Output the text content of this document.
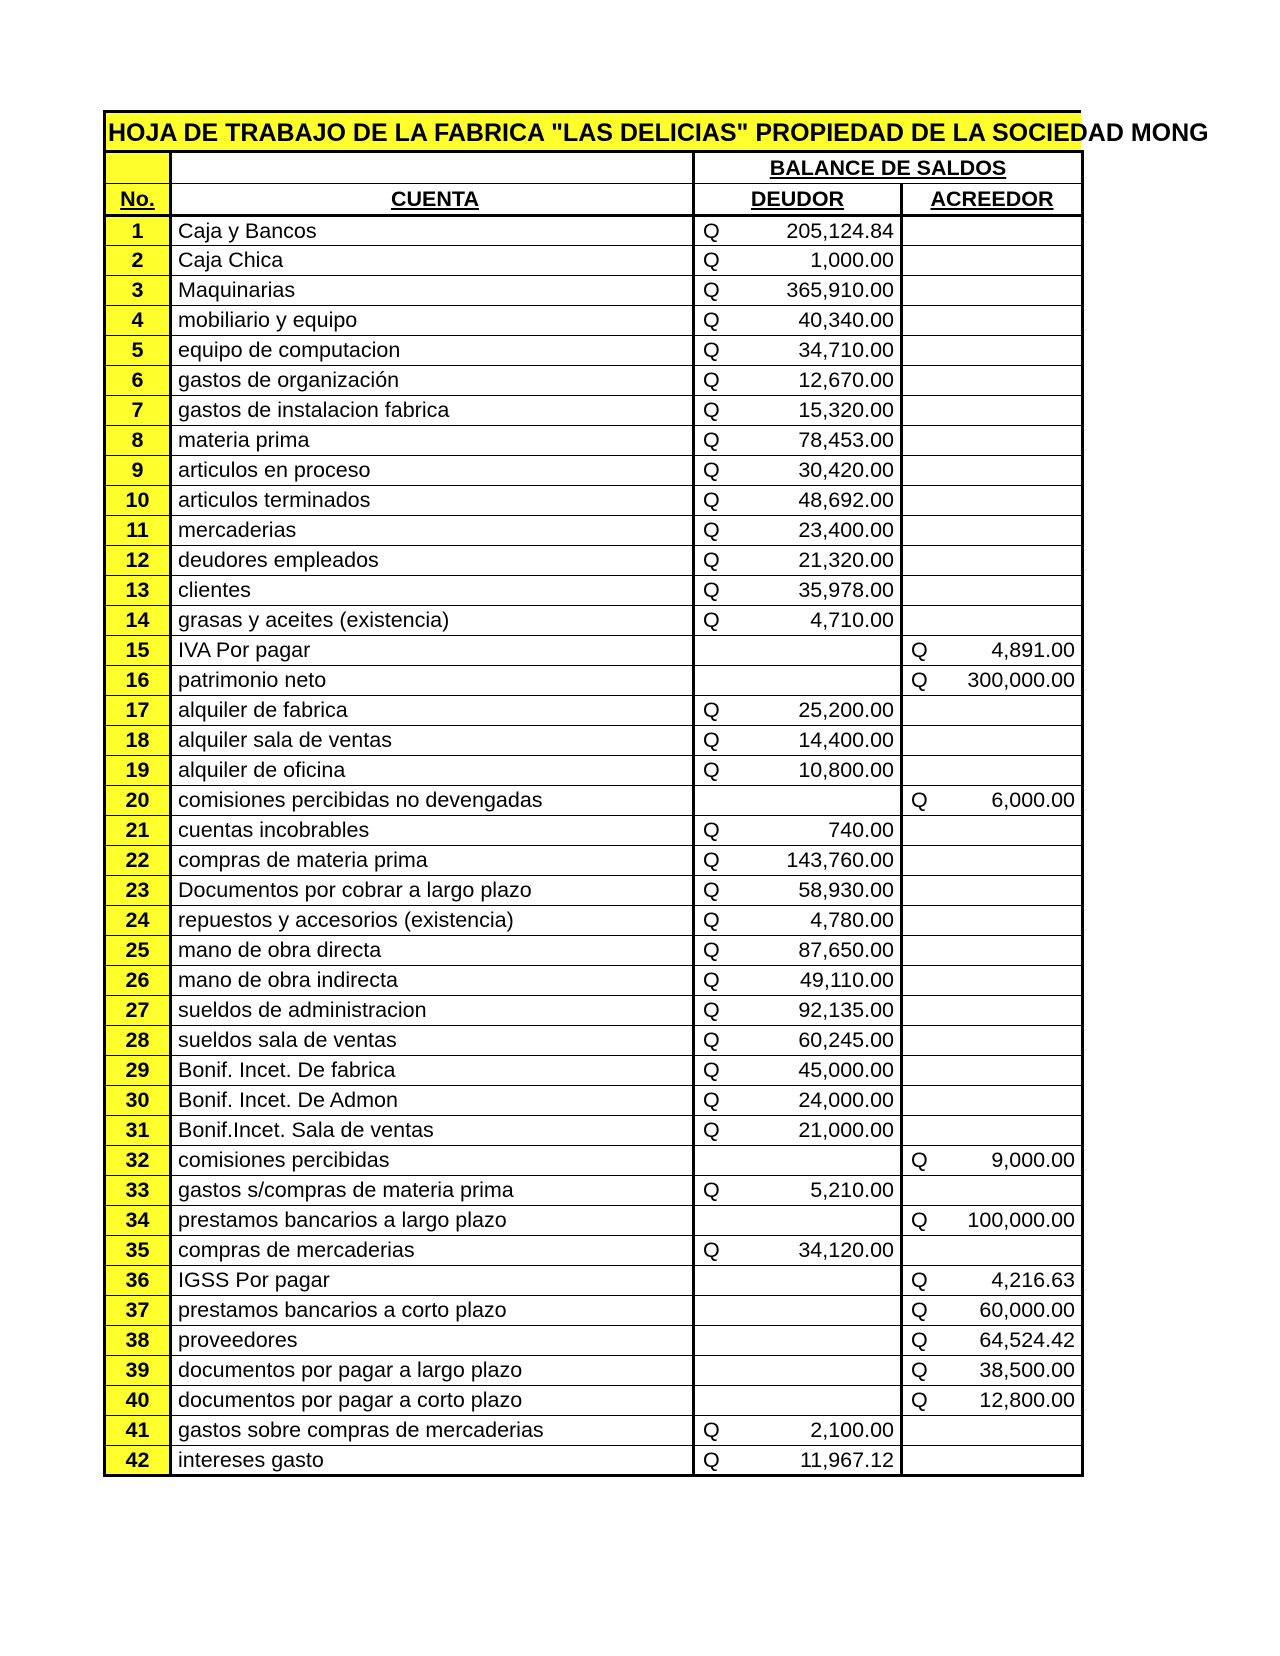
HOJA DE TRABAJO DE LA FABRICA "LAS DELICIAS" PROPIEDAD DE LA SOCIEDAD MONG
		BALANCE DE SALDOS	
No.	CUENTA	DEUDOR	ACREEDOR
1	Caja y Bancos	Q 205,124.84	

2	Caja Chica	Q 1,000.00	

3	Maquinarias	Q 365,910.00	

4	mobiliario y equipo	Q 40,340.00	

5	equipo de computacion	Q 34,710.00	

6	gastos de organización	Q 12,670.00	

7	gastos de instalacion fabrica	Q 15,320.00	

8	materia prima	Q 78,453.00	

9	articulos en proceso	Q 30,420.00	

10	articulos terminados	Q 48,692.00	

11	mercaderias	Q 23,400.00	

12	deudores empleados	Q 21,320.00	

13	clientes	Q 35,978.00	

14	grasas y aceites (existencia)	Q 4,710.00	

15	IVA Por pagar		Q 4,891.00

16	patrimonio neto		Q 300,000.00

17	alquiler de fabrica	Q 25,200.00	

18	alquiler sala de ventas	Q 14,400.00	

19	alquiler de oficina	Q 10,800.00	

20	comisiones percibidas no devengadas		Q 6,000.00

21	cuentas incobrables	Q 740.00	

22	compras de materia prima	Q 143,760.00	

23	Documentos por cobrar a largo plazo	Q 58,930.00	

24	repuestos y accesorios (existencia)	Q 4,780.00	

25	mano de obra directa	Q 87,650.00	

26	mano de obra indirecta	Q 49,110.00	

27	sueldos de administracion	Q 92,135.00	

28	sueldos sala de ventas	Q 60,245.00	

29	Bonif. Incet. De fabrica	Q 45,000.00	

30	Bonif. Incet. De Admon	Q 24,000.00	

31	Bonif.Incet. Sala de ventas	Q 21,000.00	

32	comisiones percibidas		Q 9,000.00

33	gastos s/compras de materia prima	Q 5,210.00	

34	prestamos bancarios a largo plazo		Q 100,000.00

35	compras de mercaderias	Q 34,120.00	

36	IGSS Por pagar		Q 4,216.63

37	prestamos bancarios a corto plazo		Q 60,000.00

38	proveedores		Q 64,524.42

39	documentos por pagar a largo plazo		Q 38,500.00

40	documentos por pagar a corto plazo		Q 12,800.00

41	gastos sobre compras de mercaderias	Q 2,100.00	

42	intereses gasto	Q 11,967.12	
